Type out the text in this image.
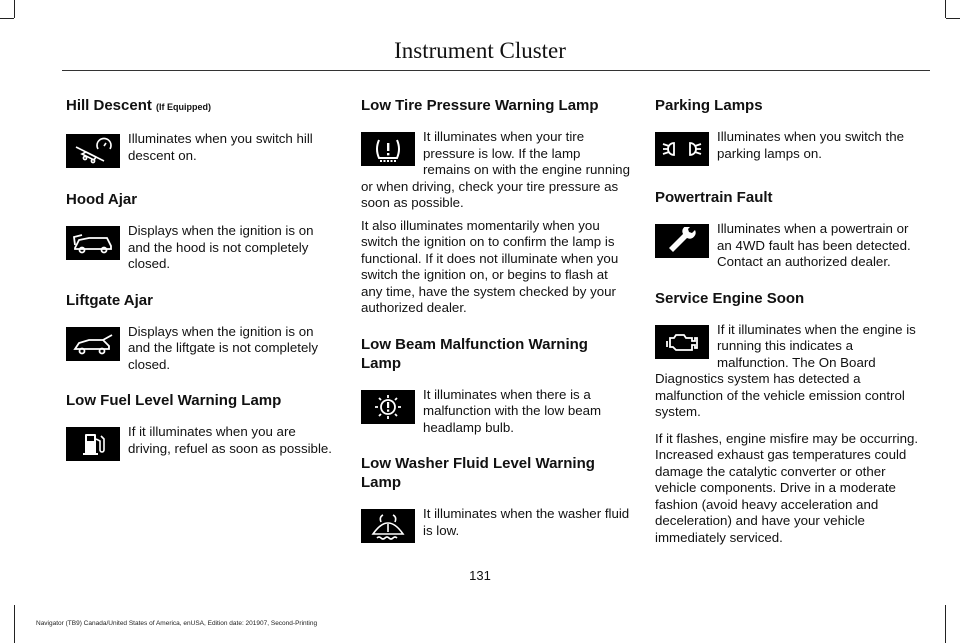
Instrument Cluster
Hill Descent (If Equipped)
Illuminates when you switch hill descent on.
Hood Ajar
Displays when the ignition is on and the hood is not completely closed.
Liftgate Ajar
Displays when the ignition is on and the liftgate is not completely closed.
Low Fuel Level Warning Lamp
If it illuminates when you are driving, refuel as soon as possible.
Low Tire Pressure Warning Lamp
It illuminates when your tire pressure is low. If the lamp remains on with the engine running or when driving, check your tire pressure as soon as possible.
It also illuminates momentarily when you switch the ignition on to confirm the lamp is functional. If it does not illuminate when you switch the ignition on, or begins to flash at any time, have the system checked by your authorized dealer.
Low Beam Malfunction Warning Lamp
It illuminates when there is a malfunction with the low beam headlamp bulb.
Low Washer Fluid Level Warning Lamp
It illuminates when the washer fluid is low.
Parking Lamps
Illuminates when you switch the parking lamps on.
Powertrain Fault
Illuminates when a powertrain or an 4WD fault has been detected. Contact an authorized dealer.
Service Engine Soon
If it illuminates when the engine is running this indicates a malfunction. The On Board Diagnostics system has detected a malfunction of the vehicle emission control system.
If it flashes, engine misfire may be occurring. Increased exhaust gas temperatures could damage the catalytic converter or other vehicle components. Drive in a moderate fashion (avoid heavy acceleration and deceleration) and have your vehicle immediately serviced.
131
Navigator (TB9) Canada/United States of America, enUSA, Edition date: 201907, Second-Printing
